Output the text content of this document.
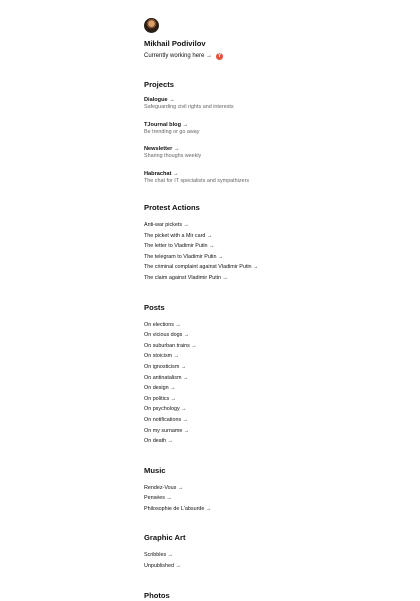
Mikhail Podivilov
Currently working here →	Y
Projects
Dialogue →
Safeguarding civil rights and interests
TJournal blog →
Be trending or go away
Newsletter →
Sharing thoughs weekly
Habrachat →
The chat for IT specialists and sympathizers
Protest Actions
Anti-war pickets →
The picket with a Mir card →
The letter to Vladimir Putin →
The telegram to Vladimir Putin →
The criminal complaint against Vladimir Putin →
The claim against Vladimir Putin →
Posts
On elections →
On vicious dogs →
On suburban trains →
On stoicism →
On ignosticism →
On antinatalism →
On design →
On politics →
On psychology →
On notifications →
On my surname →
On death →
Music
Rendez-Vous →
Pensées →
Philosophie de L'absurde →
Graphic Art
Scribbles →
Unpublished →
Photos
